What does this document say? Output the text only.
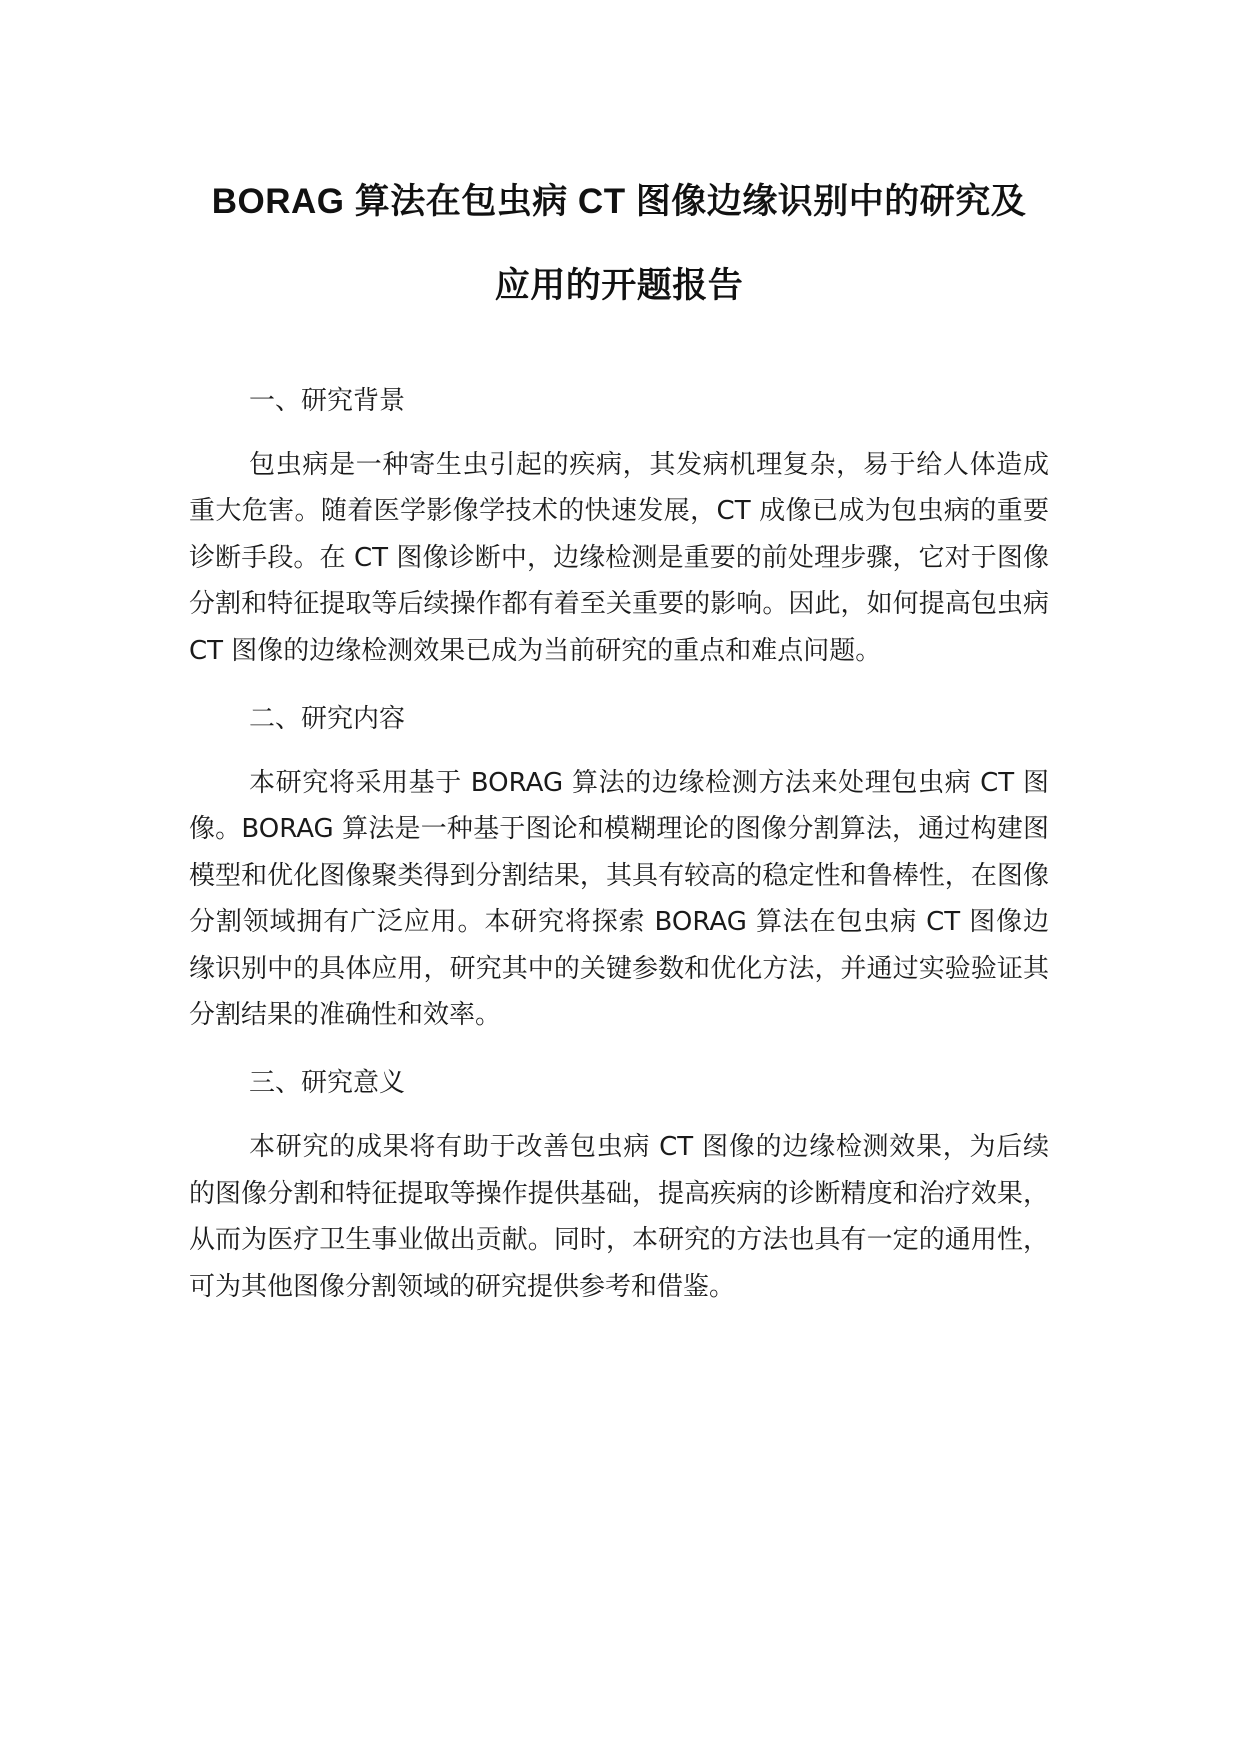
BORAG 算法在包虫病 CT 图像边缘识别中的研究及
应用的开题报告
一、研究背景

包虫病是一种寄生虫引起的疾病，其发病机理复杂，易于给人体造成重大危害。随着医学影像学技术的快速发展，CT 成像已成为包虫病的重要诊断手段。在 CT 图像诊断中，边缘检测是重要的前处理步骤，它对于图像分割和特征提取等后续操作都有着至关重要的影响。因此，如何提高包虫病 CT 图像的边缘检测效果已成为当前研究的重点和难点问题。

二、研究内容

本研究将采用基于 BORAG 算法的边缘检测方法来处理包虫病 CT 图像。BORAG 算法是一种基于图论和模糊理论的图像分割算法，通过构建图模型和优化图像聚类得到分割结果，其具有较高的稳定性和鲁棒性，在图像分割领域拥有广泛应用。本研究将探索 BORAG 算法在包虫病 CT 图像边缘识别中的具体应用，研究其中的关键参数和优化方法，并通过实验验证其分割结果的准确性和效率。

三、研究意义

本研究的成果将有助于改善包虫病 CT 图像的边缘检测效果，为后续的图像分割和特征提取等操作提供基础，提高疾病的诊断精度和治疗效果，从而为医疗卫生事业做出贡献。同时，本研究的方法也具有一定的通用性，可为其他图像分割领域的研究提供参考和借鉴。
